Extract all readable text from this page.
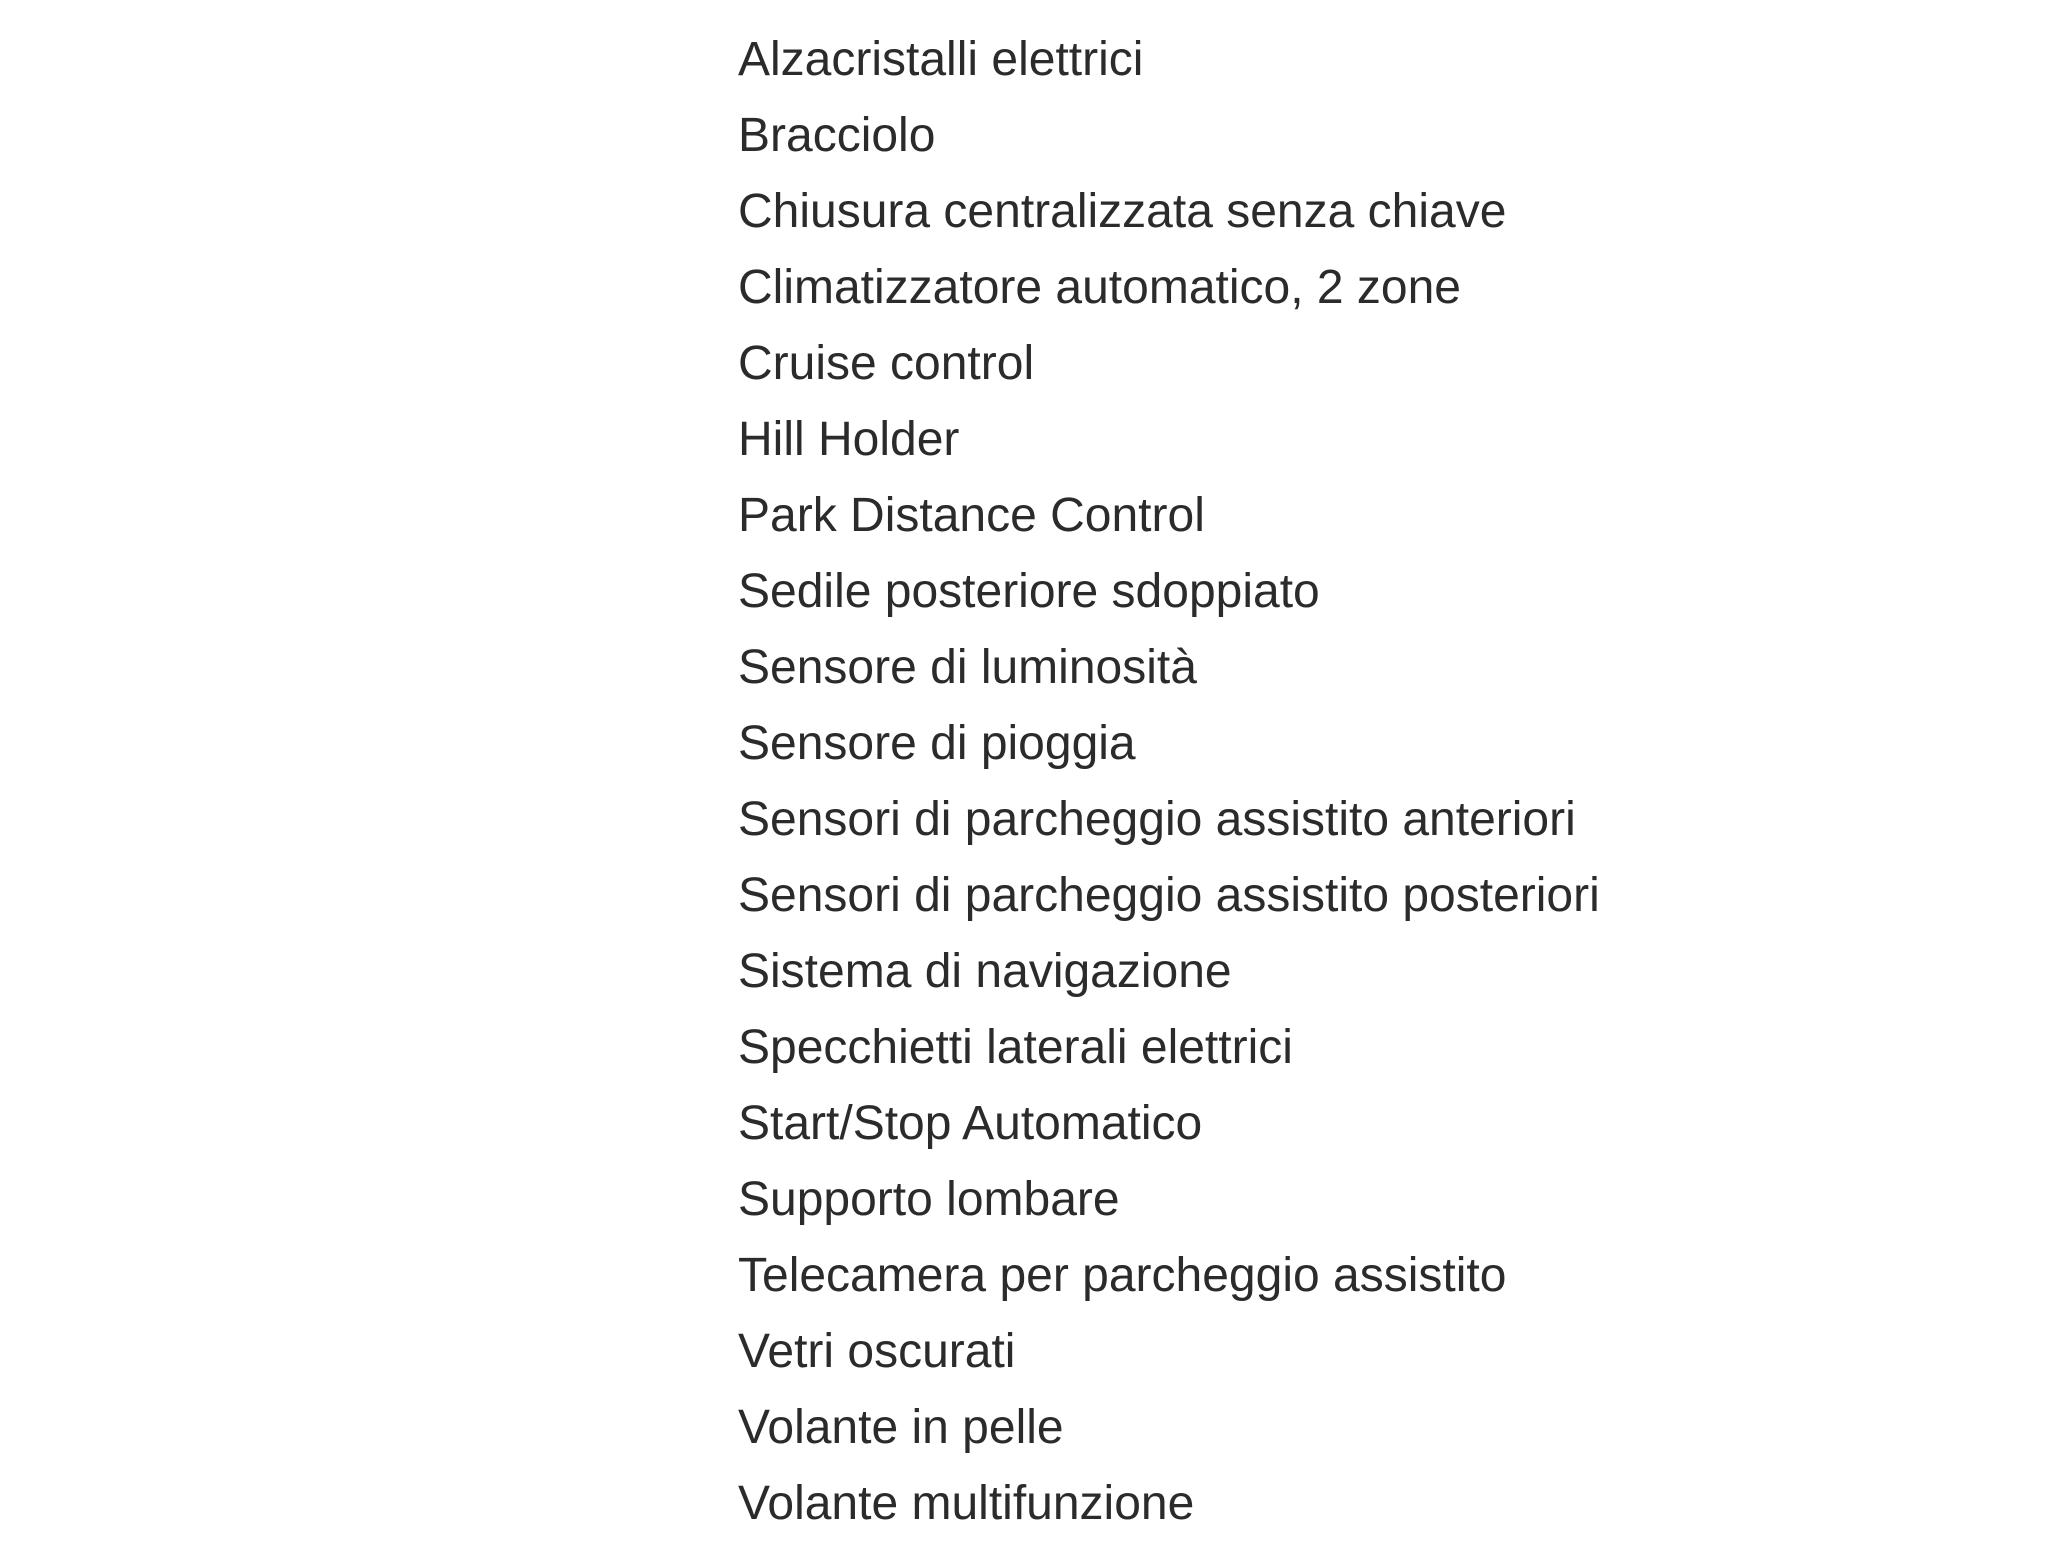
Alzacristalli elettrici
Bracciolo
Chiusura centralizzata senza chiave
Climatizzatore automatico, 2 zone
Cruise control
Hill Holder
Park Distance Control
Sedile posteriore sdoppiato
Sensore di luminosità
Sensore di pioggia
Sensori di parcheggio assistito anteriori
Sensori di parcheggio assistito posteriori
Sistema di navigazione
Specchietti laterali elettrici
Start/Stop Automatico
Supporto lombare
Telecamera per parcheggio assistito
Vetri oscurati
Volante in pelle
Volante multifunzione
